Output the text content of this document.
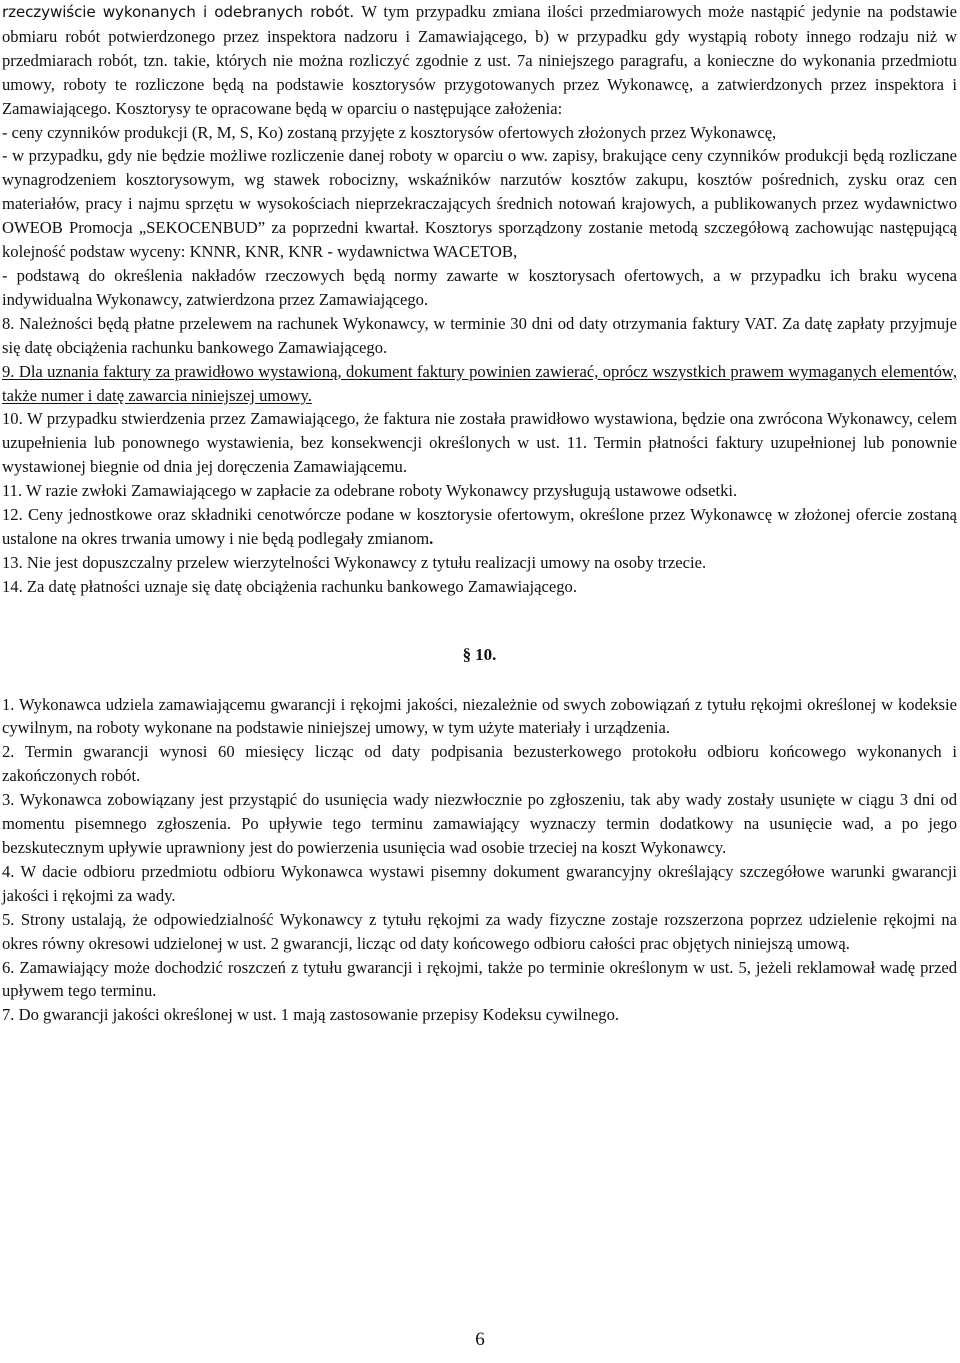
rzeczywiście wykonanych i odebranych robót. W tym przypadku zmiana ilości przedmiarowych może nastąpić jedynie na podstawie obmiaru robót potwierdzonego przez inspektora nadzoru i Zamawiającego, b) w przypadku gdy wystąpią roboty innego rodzaju niż w przedmiarach robót, tzn. takie, których nie można rozliczyć zgodnie z ust. 7a niniejszego paragrafu, a konieczne do wykonania przedmiotu umowy, roboty te rozliczone będą na podstawie kosztorysów przygotowanych przez Wykonawcę, a zatwierdzonych przez inspektora i Zamawiającego. Kosztorysy te opracowane będą w oparciu o następujące założenia:

- ceny czynników produkcji (R, M, S, Ko) zostaną przyjęte z kosztorysów ofertowych złożonych przez Wykonawcę,

- w przypadku, gdy nie będzie możliwe rozliczenie danej roboty w oparciu o ww. zapisy, brakujące ceny czynników produkcji będą rozliczane wynagrodzeniem kosztorysowym, wg stawek robocizny, wskaźników narzutów kosztów zakupu, kosztów pośrednich, zysku oraz cen materiałów, pracy i najmu sprzętu w wysokościach nieprzekraczających średnich notowań krajowych, a publikowanych przez wydawnictwo OWEOB Promocja „SEKOCENBUD” za poprzedni kwartał. Kosztorys sporządzony zostanie metodą szczegółową zachowując następującą kolejność podstaw wyceny: KNNR, KNR, KNR - wydawnictwa WACETOB,

- podstawą do określenia nakładów rzeczowych będą normy zawarte w kosztorysach ofertowych, a w przypadku ich braku wycena indywidualna Wykonawcy, zatwierdzona przez Zamawiającego.

8. Należności będą płatne przelewem na rachunek Wykonawcy, w terminie 30 dni od daty otrzymania faktury VAT. Za datę zapłaty przyjmuje się datę obciążenia rachunku bankowego Zamawiającego.

9. Dla uznania faktury za prawidłowo wystawioną, dokument faktury powinien zawierać, oprócz wszystkich prawem wymaganych elementów, także numer i datę zawarcia niniejszej umowy.

10. W przypadku stwierdzenia przez Zamawiającego, że faktura nie została prawidłowo wystawiona, będzie ona zwrócona Wykonawcy, celem uzupełnienia lub ponownego wystawienia, bez konsekwencji określonych w ust. 11. Termin płatności faktury uzupełnionej lub ponownie wystawionej biegnie od dnia jej doręczenia Zamawiającemu.

11. W razie zwłoki Zamawiającego w zapłacie za odebrane roboty Wykonawcy przysługują ustawowe odsetki.

12. Ceny jednostkowe oraz składniki cenotwórcze podane w kosztorysie ofertowym, określone przez Wykonawcę w złożonej ofercie zostaną ustalone na okres trwania umowy i nie będą podlegały zmianom.

13. Nie jest dopuszczalny przelew wierzytelności Wykonawcy z tytułu realizacji umowy na osoby trzecie.

14. Za datę płatności uznaje się datę obciążenia rachunku bankowego Zamawiającego.

§ 10.

1. Wykonawca udziela zamawiającemu gwarancji i rękojmi jakości, niezależnie od swych zobowiązań z tytułu rękojmi określonej w kodeksie cywilnym, na roboty wykonane na podstawie niniejszej umowy, w tym użyte materiały i urządzenia.

2. Termin gwarancji wynosi 60 miesięcy licząc od daty podpisania bezusterkowego protokołu odbioru końcowego wykonanych i zakończonych robót.

3. Wykonawca zobowiązany jest przystąpić do usunięcia wady niezwłocznie po zgłoszeniu, tak aby wady zostały usunięte w ciągu 3 dni od momentu pisemnego zgłoszenia. Po upływie tego terminu zamawiający wyznaczy termin dodatkowy na usunięcie wad, a po jego bezskutecznym upływie uprawniony jest do powierzenia usunięcia wad osobie trzeciej na koszt Wykonawcy.

4. W dacie odbioru przedmiotu odbioru Wykonawca wystawi pisemny dokument gwarancyjny określający szczegółowe warunki gwarancji jakości i rękojmi za wady.

5. Strony ustalają, że odpowiedzialność Wykonawcy z tytułu rękojmi za wady fizyczne zostaje rozszerzona poprzez udzielenie rękojmi na okres równy okresowi udzielonej w ust. 2 gwarancji, licząc od daty końcowego odbioru całości prac objętych niniejszą umową.

6. Zamawiający może dochodzić roszczeń z tytułu gwarancji i rękojmi, także po terminie określonym w ust. 5, jeżeli reklamował wadę przed upływem tego terminu.

7. Do gwarancji jakości określonej w ust. 1 mają zastosowanie przepisy Kodeksu cywilnego.

6
